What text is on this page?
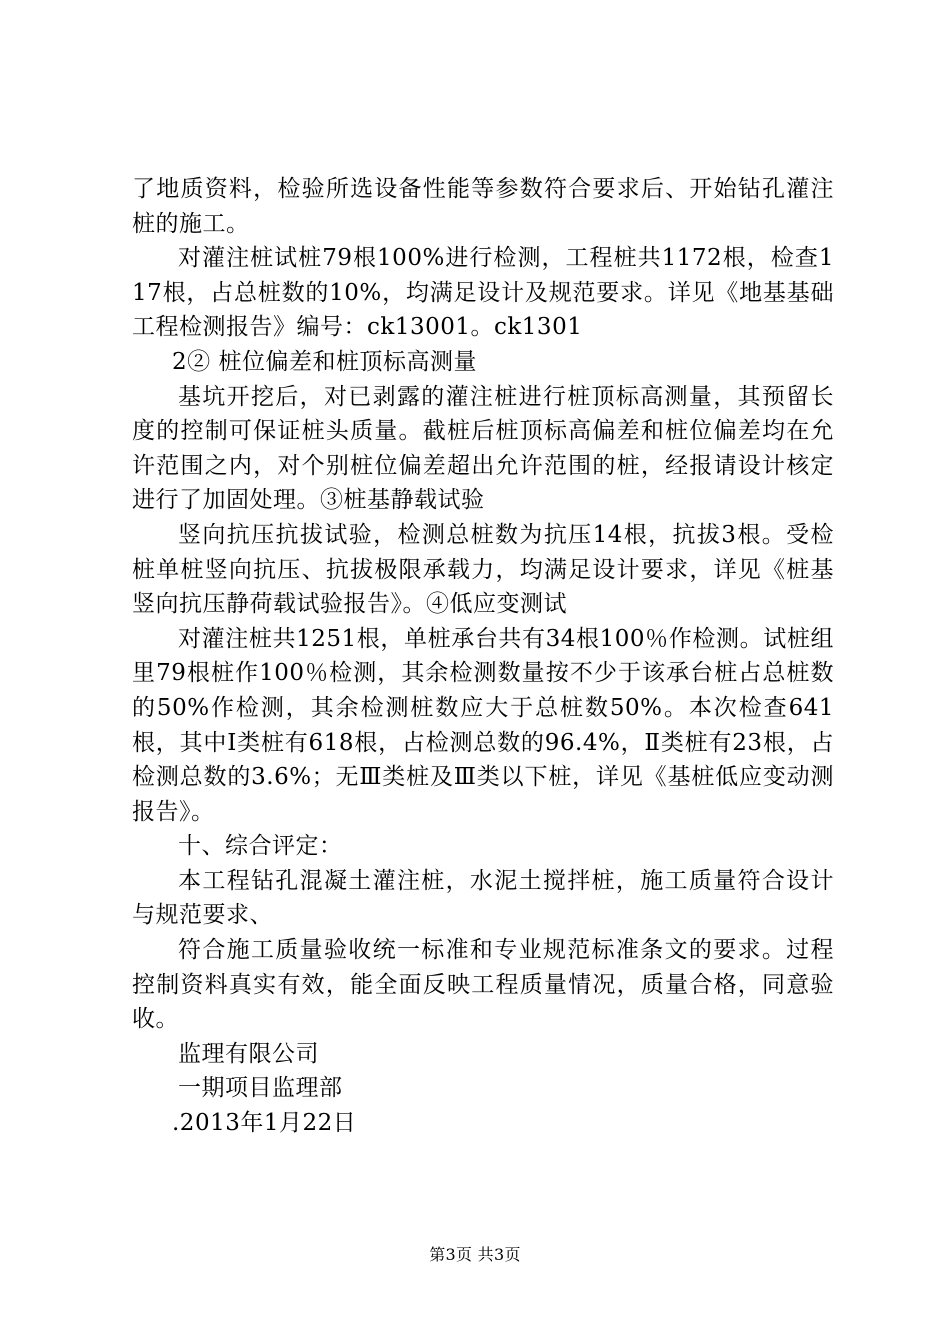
了地质资料，检验所选设备性能等参数符合要求后、开始钻孔灌注桩的施工。

对灌注桩试桩79根100%进行检测，工程桩共1172根，检查117根，占总桩数的10%，均满足设计及规范要求。详见《地基基础工程检测报告》编号：ck13001。ck1301

2② 桩位偏差和桩顶标高测量

基坑开挖后，对已剥露的灌注桩进行桩顶标高测量，其预留长度的控制可保证桩头质量。截桩后桩顶标高偏差和桩位偏差均在允许范围之内，对个别桩位偏差超出允许范围的桩，经报请设计核定进行了加固处理。③桩基静载试验

竖向抗压抗拔试验，检测总桩数为抗压14根，抗拔3根。受检桩单桩竖向抗压、抗拔极限承载力，均满足设计要求，详见《桩基竖向抗压静荷载试验报告》。④低应变测试

对灌注桩共1251根，单桩承台共有34根100％作检测。试桩组里79根桩作100％检测，其余检测数量按不少于该承台桩占总桩数的50%作检测，其余检测桩数应大于总桩数50%。本次检查641根，其中Ⅰ类桩有618根，占检测总数的96.4%，Ⅱ类桩有23根，占检测总数的3.6%；无Ⅲ类桩及Ⅲ类以下桩，详见《基桩低应变动测报告》。

十、综合评定：

本工程钻孔混凝土灌注桩，水泥土搅拌桩，施工质量符合设计与规范要求、

符合施工质量验收统一标准和专业规范标准条文的要求。过程控制资料真实有效，能全面反映工程质量情况，质量合格，同意验收。

监理有限公司

一期项目监理部

.2013年1月22日

第3页 共3页
